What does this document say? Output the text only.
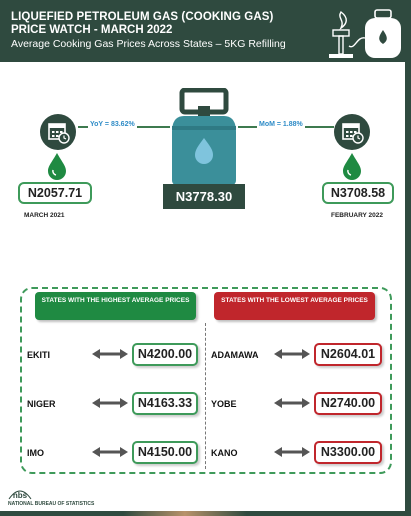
LIQUEFIED PETROLEUM GAS (COOKING GAS)
PRICE WATCH - MARCH 2022
Average Cooking Gas Prices Across States – 5KG Refilling
YoY = 83.62%	MoM = 1.88%
N2057.71
MARCH 2021
N3778.30	N3708.58
FEBRUARY 2022
STATES WITH THE HIGHEST AVERAGE PRICES	STATES WITH THE LOWEST AVERAGE PRICES
EKITI	N4200.00
NIGER	N4163.33
IMO	N4150.00
ADAMAWA	N2604.01
YOBE	N2740.00
KANO	N3300.00
nbs
NATIONAL BUREAU OF STATISTICS
